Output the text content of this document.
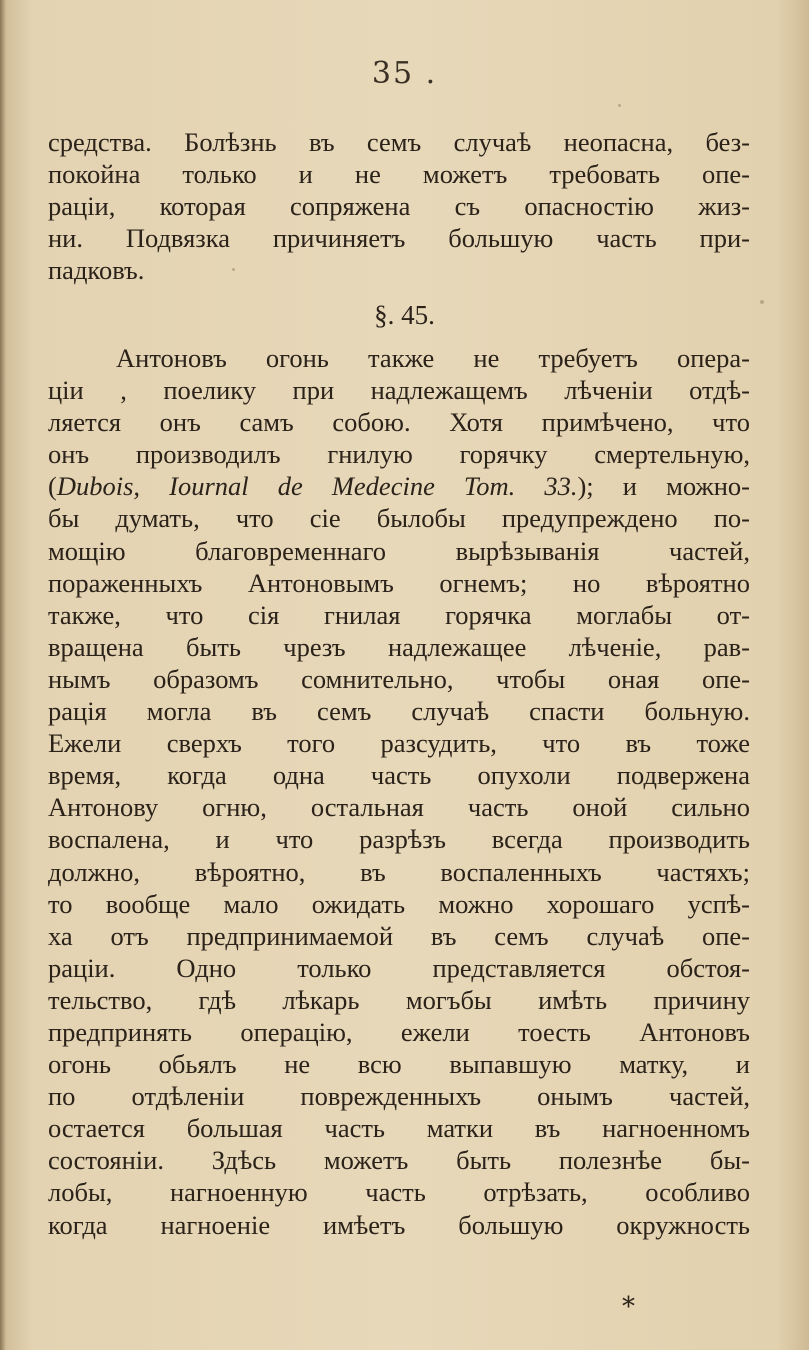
35 .
средства. Болѣзнь въ семъ случаѣ неопасна, без-
покойна только и не можетъ требовать опе-
раціи, которая сопряжена съ опасностію жиз-
ни. Подвязка причиняетъ большую часть при-
падковъ.
§. 45.
Антоновъ огонь также не требуетъ опера-
ціи , поелику при надлежащемъ лѣченіи отдѣ-
ляется онъ самъ собою. Хотя примѣчено, что
онъ производилъ гнилую горячку смертельную,
(Dubois, Iournal de Medecine Tom. 33.); и можно-
бы думать, что сіе былобы предупреждено по-
мощію благовременнаго вырѣзыванія частей,
пораженныхъ Антоновымъ огнемъ; но вѣроятно
также, что сія гнилая горячка моглабы от-
вращена быть чрезъ надлежащее лѣченіе, рав-
нымъ образомъ сомнительно, чтобы оная опе-
рація могла въ семъ случаѣ спасти больную.
Ежели сверхъ того разсудить, что въ тоже
время, когда одна часть опухоли подвержена
Антонову огню, остальная часть оной сильно
воспалена, и что разрѣзъ всегда производить
должно, вѣроятно, въ воспаленныхъ частяхъ;
то вообще мало ожидать можно хорошаго успѣ-
ха отъ предпринимаемой въ семъ случаѣ опе-
раціи. Одно только представляется обстоя-
тельство, гдѣ лѣкарь могъбы имѣть причину
предпринять операцію, ежели тоесть Антоновъ
огонь обьялъ не всю выпавшую матку, и
по отдѣленіи поврежденныхъ онымъ частей,
остается большая часть матки въ нагноенномъ
состояніи. Здѣсь можетъ быть полезнѣе бы-
лобы, нагноенную часть отрѣзать, особливо
когда нагноеніе имѣетъ большую окружность
*
